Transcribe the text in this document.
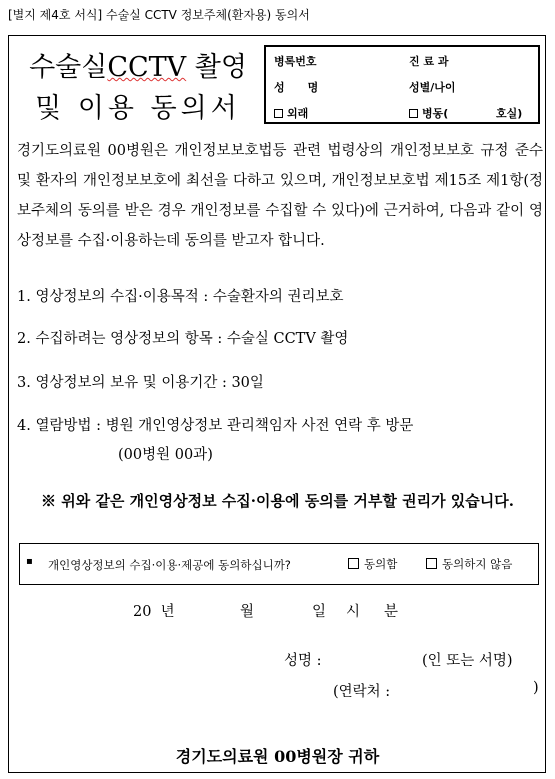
[별지 제4호 서식] 수술실 CCTV 정보주체(환자용) 동의서
수술실CCTV 촬영
및 이용 동의서
병록번호	진 료 과
성      명	성별/나이
외래	병동(	호실)
경기도의료원 00병원은 개인정보보호법등 관련 법령상의 개인정보보호 규정 준수 및 환자의 개인정보보호에 최선을 다하고 있으며, 개인정보보호법 제15조 제1항(정보주체의 동의를 받은 경우 개인정보를 수집할 수 있다)에 근거하여, 다음과 같이 영상정보를 수집·이용하는데 동의를 받고자 합니다.
1. 영상정보의 수집·이용목적 : 수술환자의 권리보호
2. 수집하려는 영상정보의 항목 : 수술실 CCTV 촬영
3. 영상정보의 보유 및 이용기간 : 30일
4. 열람방법 : 병원 개인영상정보 관리책임자 사전 연락 후 방문
(00병원 00과)
※ 위와 같은 개인영상정보 수집·이용에 동의를 거부할 권리가 있습니다.
▪ 개인영상정보의 수집·이용·제공에 동의하십니까?	동의함	동의하지 않음
20  년	월	일 시 분
성명 :	(인 또는 서명)
(연락처 :	)
경기도의료원 00병원장 귀하
